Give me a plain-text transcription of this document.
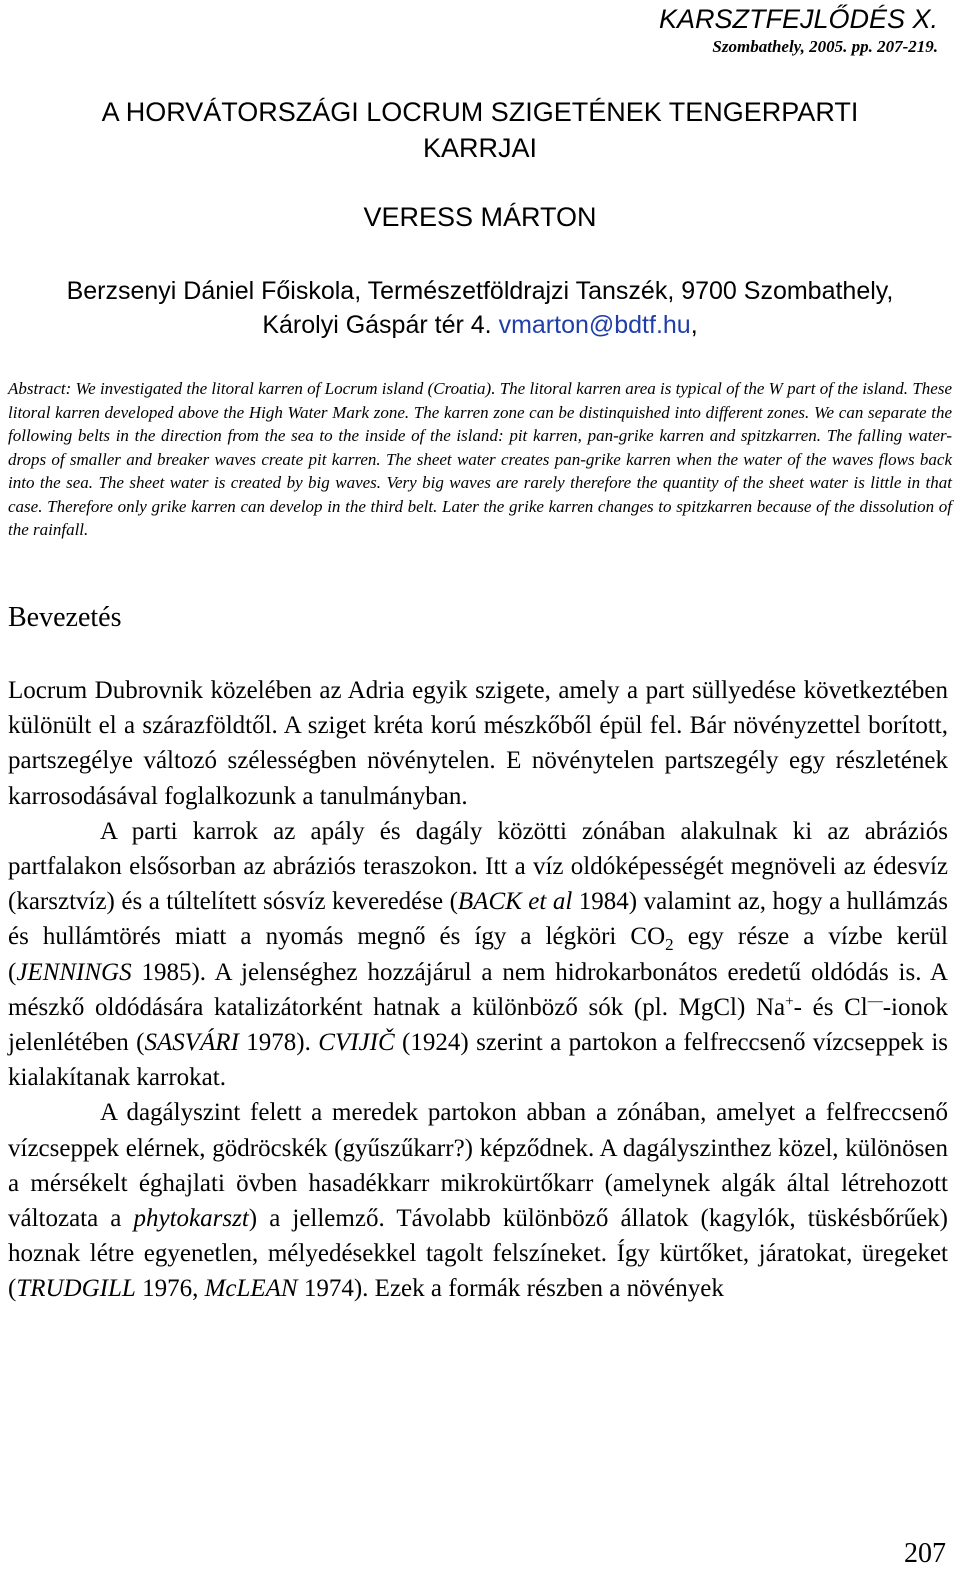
KARSZTFEJLŐDÉS X.
Szombathely, 2005. pp. 207-219.
A HORVÁTORSZÁGI LOCRUM SZIGETÉNEK TENGERPARTI
KARRJAI
VERESS MÁRTON
Berzsenyi Dániel Főiskola, Természetföldrajzi Tanszék, 9700 Szombathely,
Károlyi Gáspár tér 4. vmarton@bdtf.hu,
Abstract: We investigated the litoral karren of Locrum island (Croatia). The litoral karren area is typical of the W part of the island. These litoral karren developed above the High Water Mark zone. The karren zone can be distinquished into different zones. We can separate the following belts in the direction from the sea to the inside of the island: pit karren, pan-grike karren and spitzkarren. The falling water-drops of smaller and breaker waves create pit karren. The sheet water creates pan-grike karren when the water of the waves flows back into the sea. The sheet water is created by big waves. Very big waves are rarely therefore the quantity of the sheet water is little in that case. Therefore only grike karren can develop in the third belt. Later the grike karren changes to spitzkarren because of the dissolution of the rainfall.
Bevezetés

Locrum Dubrovnik közelében az Adria egyik szigete, amely a part süllyedése következtében különült el a szárazföldtől. A sziget kréta korú mészkőből épül fel. Bár növényzettel borított, partszegélye változó szélességben növénytelen. E növénytelen partszegély egy részletének karrosodásával foglalkozunk a tanulmányban.

A parti karrok az apály és dagály közötti zónában alakulnak ki az abráziós partfalakon elsősorban az abráziós teraszokon. Itt a víz oldóképességét megnöveli az édesvíz (karsztvíz) és a túltelített sósvíz keveredése (BACK et al 1984) valamint az, hogy a hullámzás és hullámtörés miatt a nyomás megnő és így a légköri $CO_2$ egy része a vízbe kerül (JENNINGS 1985). A jelenséghez hozzájárul a nem hidrokarbonátos eredetű oldódás is. A mészkő oldódására katalizátorként hatnak a különböző sók (pl. MgCl) Na+- és Cl—-ionok jelenlétében (SASVÁRI 1978). CVIJIČ (1924) szerint a partokon a felfreccsenő vízcseppek is kialakítanak karrokat.

A dagályszint felett a meredek partokon abban a zónában, amelyet a felfreccsenő vízcseppek elérnek, gödröcskék (gyűszűkarr?) képződnek. A dagályszinthez közel, különösen a mérsékelt éghajlati övben hasadékkarr mikrokürtőkarr (amelynek algák által létrehozott változata a phytokarszt) a jellemző. Távolabb különböző állatok (kagylók, tüskésbőrűek) hoznak létre egyenetlen, mélyedésekkel tagolt felszíneket. Így kürtőket, járatokat, üregeket (TRUDGILL 1976, McLEAN 1974). Ezek a formák részben a növények

207
